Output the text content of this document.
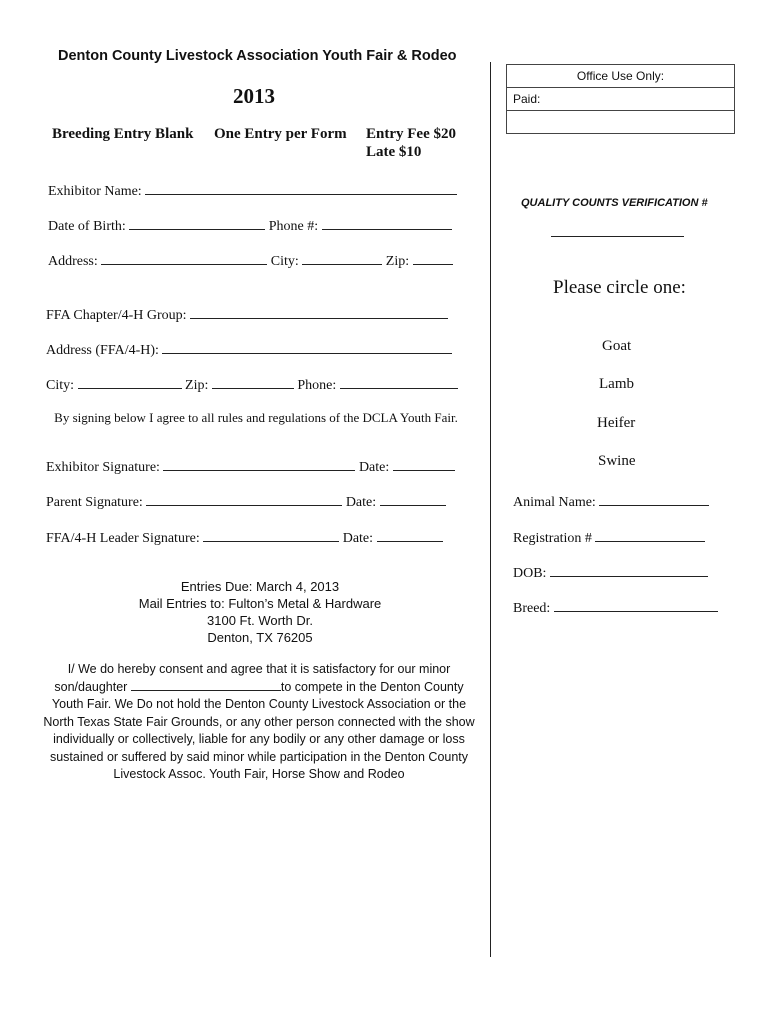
Denton County Livestock Association Youth Fair & Rodeo
2013
Breeding Entry Blank One Entry per Form Entry Fee $20
Late $10
Office Use Only:
Paid:
QUALITY COUNTS VERIFICATION #
Please circle one:
Goat
Lamb
Heifer
Swine
Animal Name:
Registration #
DOB:
Breed:
Exhibitor Name:
Date of Birth:	Phone #:
Address:	City:	Zip:
FFA Chapter/4-H Group:
Address (FFA/4-H):
City:	Zip:	Phone:
By signing below I agree to all rules and regulations of the DCLA Youth Fair.
Exhibitor Signature:	Date:
Parent Signature:	Date:
FFA/4-H Leader Signature:	Date:
Entries Due: March 4, 2013
Mail Entries to: Fulton’s Metal & Hardware
3100 Ft. Worth Dr.
Denton, TX 76205
I/ We do hereby consent and agree that it is satisfactory for our minor son/daughter	to compete in the Denton County Youth Fair. We Do not hold the Denton County Livestock Association or the North Texas State Fair Grounds, or any other person connected with the show individually or collectively, liable for any bodily or any other damage or loss sustained or suffered by said minor while participation in the Denton County Livestock Assoc. Youth Fair, Horse Show and Rodeo
